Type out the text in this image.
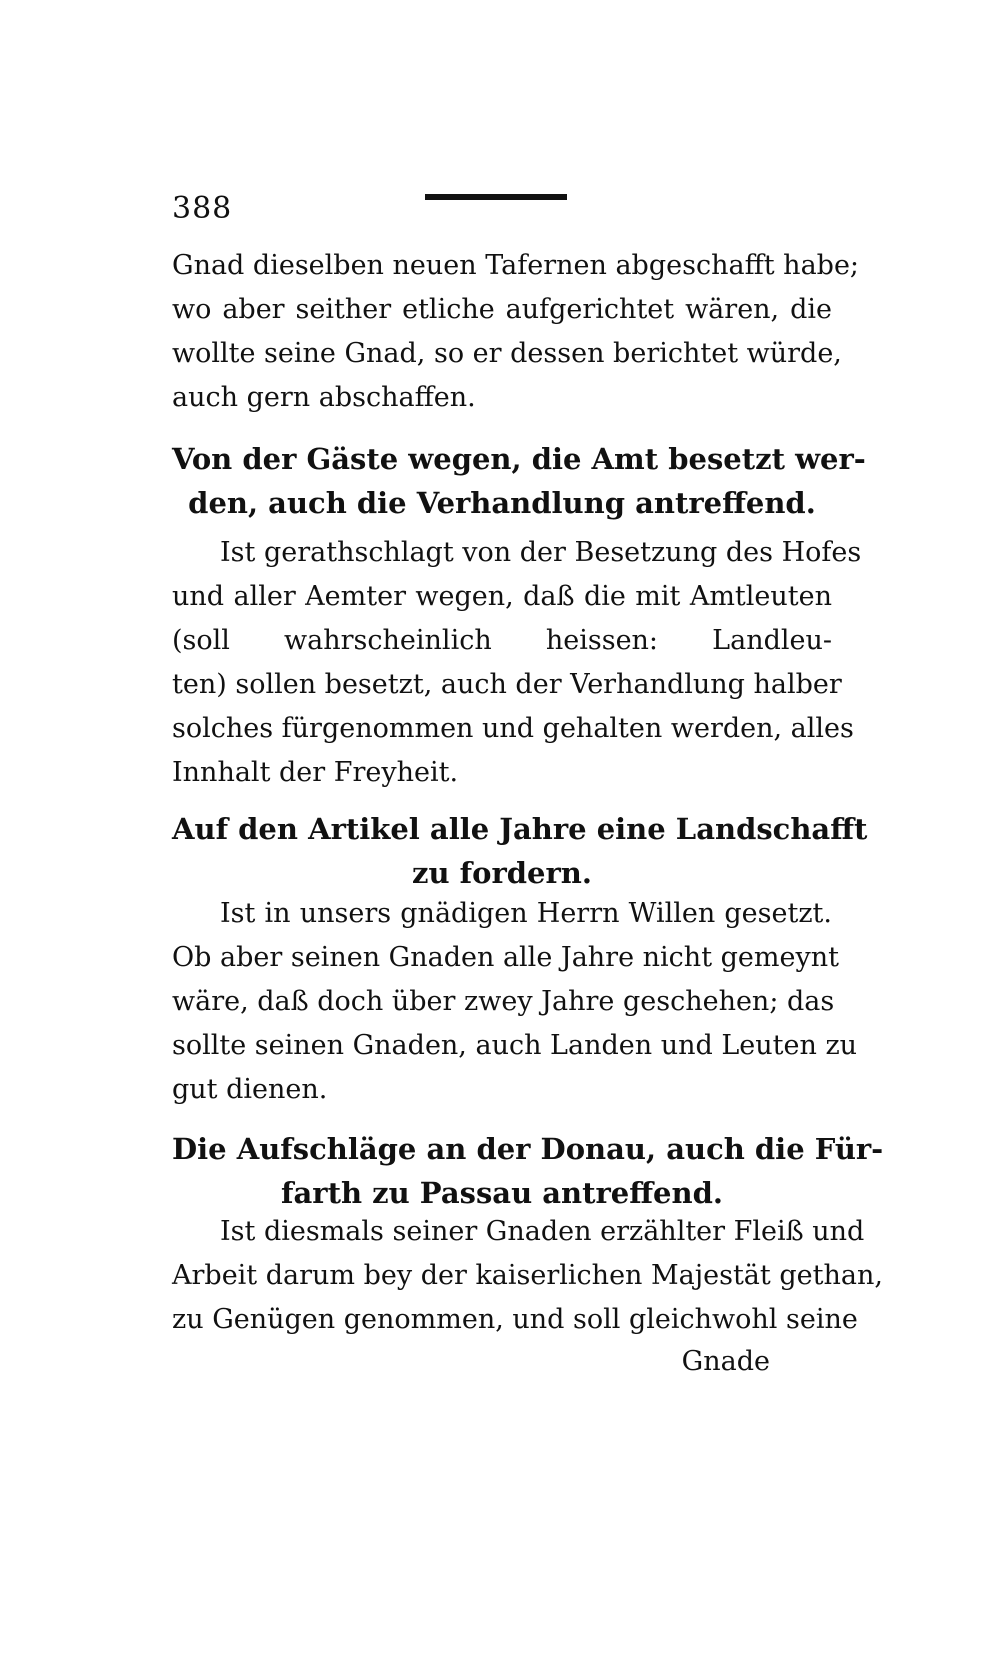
388
Gnad dieselben neuen Tafernen abgeschafft habe;
wo aber seither etliche aufgerichtet wären, die
wollte seine Gnad, so er dessen berichtet würde,
auch gern abschaffen.
Von der Gäste wegen, die Amt besetzt wer-
den, auch die Verhandlung antreffend.
Ist gerathschlagt von der Besetzung des Hofes
und aller Aemter wegen, daß die mit Amtleuten
(soll wahrscheinlich heissen: Landleu-
ten) sollen besetzt, auch der Verhandlung halber
solches fürgenommen und gehalten werden, alles
Innhalt der Freyheit.
Auf den Artikel alle Jahre eine Landschafft
zu fordern.
Ist in unsers gnädigen Herrn Willen gesetzt.
Ob aber seinen Gnaden alle Jahre nicht gemeynt
wäre, daß doch über zwey Jahre geschehen; das
sollte seinen Gnaden, auch Landen und Leuten zu
gut dienen.
Die Aufschläge an der Donau, auch die Für-
farth zu Passau antreffend.
Ist diesmals seiner Gnaden erzählter Fleiß und
Arbeit darum bey der kaiserlichen Majestät gethan,
zu Genügen genommen, und soll gleichwohl seine
Gnade
